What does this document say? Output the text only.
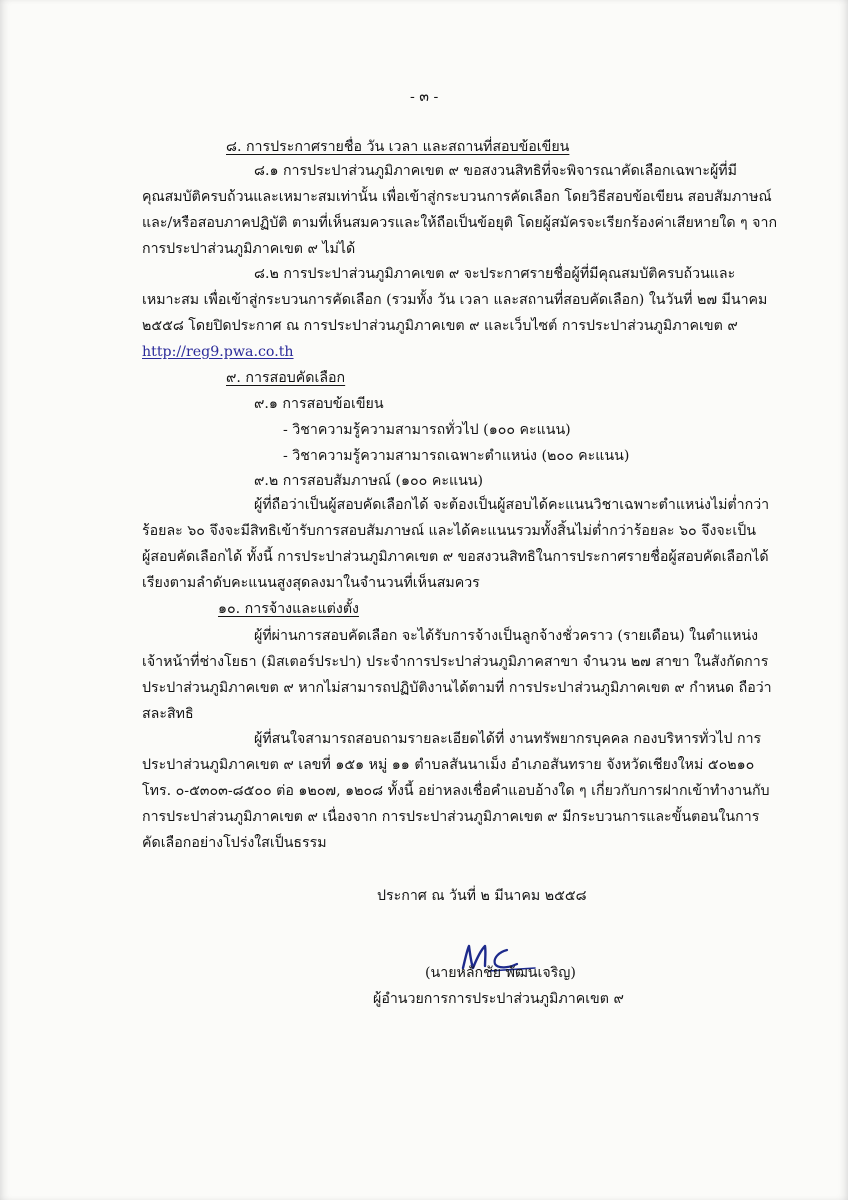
- ๓ -
๘. การประกาศรายชื่อ วัน เวลา และสถานที่สอบข้อเขียน
๘.๑ การประปาส่วนภูมิภาคเขต ๙ ขอสงวนสิทธิที่จะพิจารณาคัดเลือกเฉพาะผู้ที่มี
คุณสมบัติครบถ้วนและเหมาะสมเท่านั้น เพื่อเข้าสู่กระบวนการคัดเลือก โดยวิธีสอบข้อเขียน สอบสัมภาษณ์
และ/หรือสอบภาคปฏิบัติ ตามที่เห็นสมควรและให้ถือเป็นข้อยุติ โดยผู้สมัครจะเรียกร้องค่าเสียหายใด ๆ จาก
การประปาส่วนภูมิภาคเขต ๙ ไม่ได้
๘.๒ การประปาส่วนภูมิภาคเขต ๙ จะประกาศรายชื่อผู้ที่มีคุณสมบัติครบถ้วนและ
เหมาะสม เพื่อเข้าสู่กระบวนการคัดเลือก (รวมทั้ง วัน เวลา และสถานที่สอบคัดเลือก) ในวันที่ ๒๗ มีนาคม
๒๕๕๘ โดยปิดประกาศ ณ การประปาส่วนภูมิภาคเขต ๙ และเว็บไซต์ การประปาส่วนภูมิภาคเขต ๙
http://reg9.pwa.co.th
๙. การสอบคัดเลือก
๙.๑ การสอบข้อเขียน
- วิชาความรู้ความสามารถทั่วไป (๑๐๐ คะแนน)
- วิชาความรู้ความสามารถเฉพาะตำแหน่ง (๒๐๐ คะแนน)
๙.๒ การสอบสัมภาษณ์ (๑๐๐ คะแนน)
ผู้ที่ถือว่าเป็นผู้สอบคัดเลือกได้ จะต้องเป็นผู้สอบได้คะแนนวิชาเฉพาะตำแหน่งไม่ต่ำกว่า
ร้อยละ ๖๐ จึงจะมีสิทธิเข้ารับการสอบสัมภาษณ์ และได้คะแนนรวมทั้งสิ้นไม่ต่ำกว่าร้อยละ ๖๐ จึงจะเป็น
ผู้สอบคัดเลือกได้ ทั้งนี้ การประปาส่วนภูมิภาคเขต ๙ ขอสงวนสิทธิในการประกาศรายชื่อผู้สอบคัดเลือกได้
เรียงตามลำดับคะแนนสูงสุดลงมาในจำนวนที่เห็นสมควร
๑๐. การจ้างและแต่งตั้ง
ผู้ที่ผ่านการสอบคัดเลือก จะได้รับการจ้างเป็นลูกจ้างชั่วคราว (รายเดือน) ในตำแหน่ง
เจ้าหน้าที่ช่างโยธา (มิสเตอร์ประปา) ประจำการประปาส่วนภูมิภาคสาขา จำนวน ๒๗ สาขา ในสังกัดการ
ประปาส่วนภูมิภาคเขต ๙ หากไม่สามารถปฏิบัติงานได้ตามที่ การประปาส่วนภูมิภาคเขต ๙ กำหนด ถือว่า
สละสิทธิ
ผู้ที่สนใจสามารถสอบถามรายละเอียดได้ที่ งานทรัพยากรบุคคล กองบริหารทั่วไป การ
ประปาส่วนภูมิภาคเขต ๙ เลขที่ ๑๕๑ หมู่ ๑๑ ตำบลสันนาเม็ง อำเภอสันทราย จังหวัดเชียงใหม่ ๕๐๒๑๐
โทร. ๐-๕๓๐๓-๘๕๐๐ ต่อ ๑๒๐๗, ๑๒๐๘ ทั้งนี้ อย่าหลงเชื่อคำแอบอ้างใด ๆ เกี่ยวกับการฝากเข้าทำงานกับ
การประปาส่วนภูมิภาคเขต ๙ เนื่องจาก การประปาส่วนภูมิภาคเขต ๙ มีกระบวนการและขั้นตอนในการ
คัดเลือกอย่างโปร่งใสเป็นธรรม
ประกาศ ณ วันที่ ๒ มีนาคม ๒๕๕๘
(นายหลักชัย พัฒนเจริญ)
ผู้อำนวยการการประปาส่วนภูมิภาคเขต ๙
